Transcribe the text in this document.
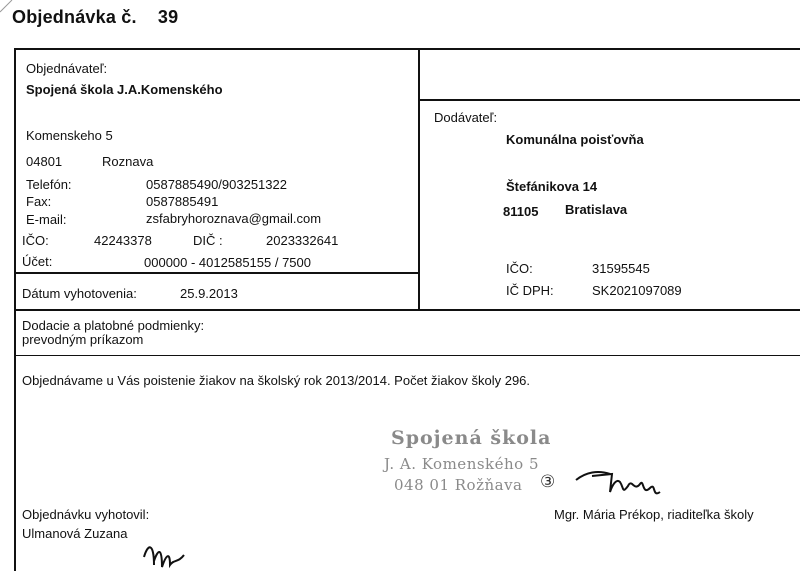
Objednávka č. 39
Objednávateľ:
Spojená škola J.A.Komenského
Komenskeho 5
04801	Roznava
Telefón:	0587885490/903251322
Fax:	0587885491
E-mail:	zsfabryhoroznava@gmail.com
IČO:	42243378	DIČ :	2023332641
Účet:	000000 - 4012585155 / 7500
Dátum vyhotovenia:	25.9.2013
Dodávateľ:
Komunálna poisťovňa
Štefánikova 14
81105 Bratislava
IČO:	31595545
IČ DPH:	SK2021097089
Dodacie a platobné podmienky:
prevodným príkazom
Objednávame u Vás poistenie žiakov na školský rok 2013/2014. Počet žiakov školy 296.
Spojená škola
J. A. Komenského 5
048 01 Rožňava ③
Objednávku vyhotovil:
Ulmanová Zuzana
Mgr. Mária Prékop, riaditeľka školy
